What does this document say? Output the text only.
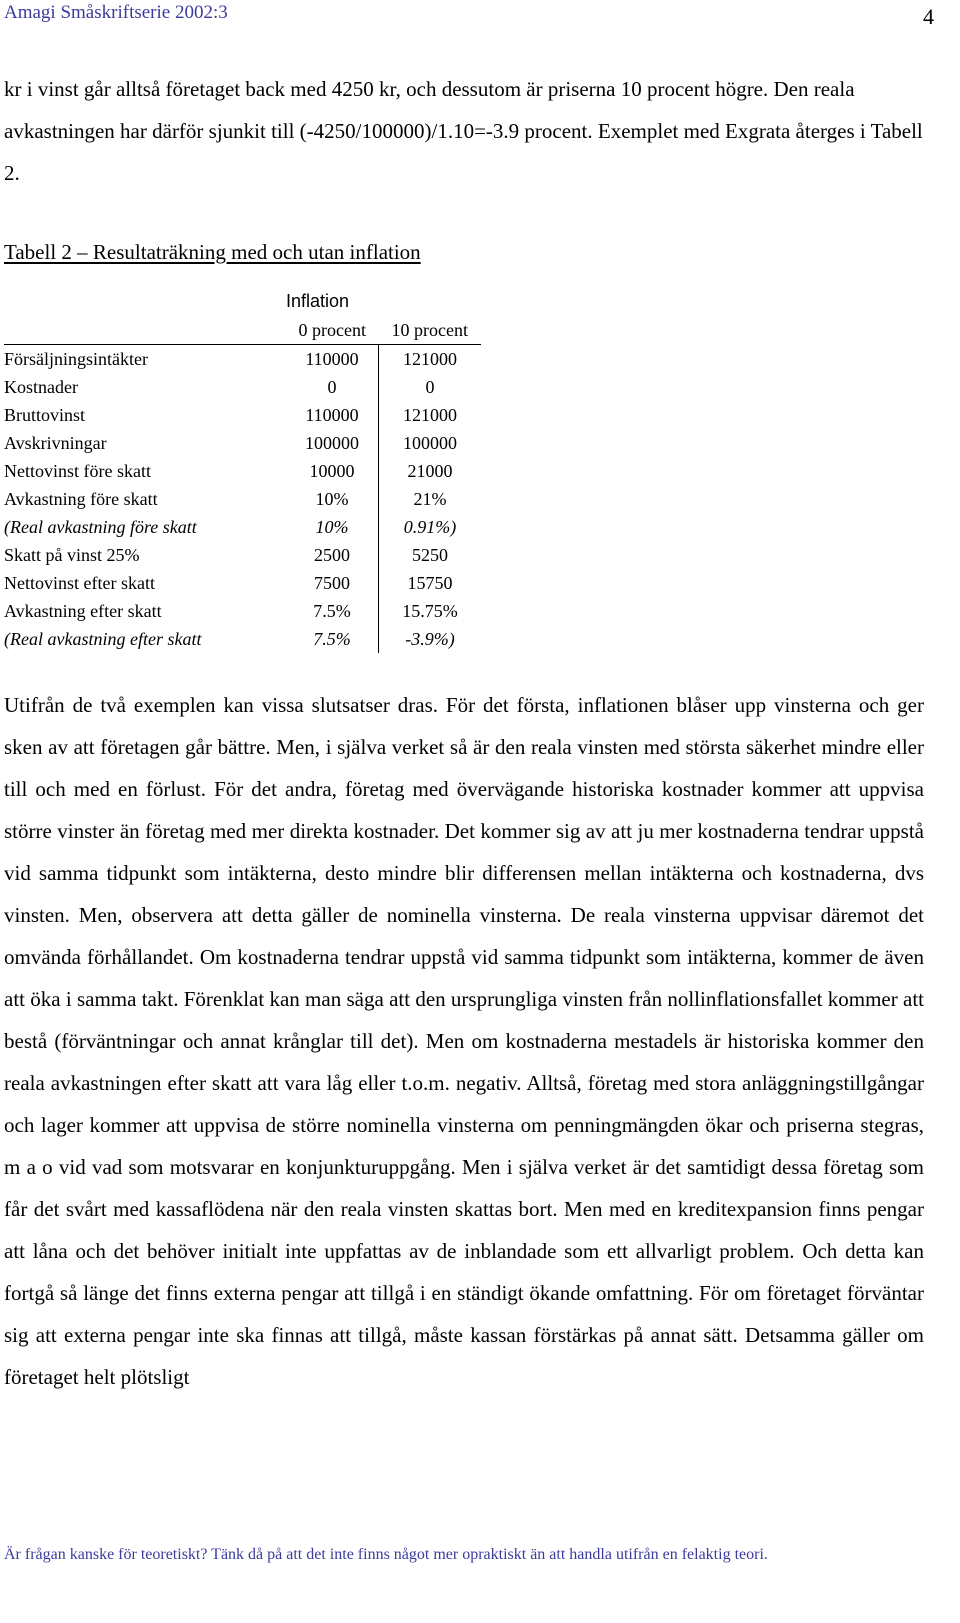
Amagi Småskriftserie 2002:3	4

kr i vinst går alltså företaget back med 4250 kr, och dessutom är priserna 10 procent högre. Den reala avkastningen har därför sjunkit till (-4250/100000)/1.10=-3.9 procent. Exemplet med Exgrata återges i Tabell 2.

Tabell 2 – Resultaträkning med och utan inflation

	Inflation	
	0 procent	10 procent
Försäljningsintäkter	110000	121000
Kostnader	0	0
Bruttovinst	110000	121000
Avskrivningar	100000	100000
Nettovinst före skatt	10000	21000
Avkastning före skatt	10%	21%
(Real avkastning före skatt	10%	0.91%)
Skatt på vinst 25%	2500	5250
Nettovinst efter skatt	7500	15750
Avkastning efter skatt	7.5%	15.75%
(Real avkastning efter skatt	7.5%	-3.9%)

Utifrån de två exemplen kan vissa slutsatser dras. För det första, inflationen blåser upp vinsterna och ger sken av att företagen går bättre. Men, i själva verket så är den reala vinsten med största säkerhet mindre eller till och med en förlust. För det andra, företag med övervägande historiska kostnader kommer att uppvisa större vinster än företag med mer direkta kostnader. Det kommer sig av att ju mer kostnaderna tendrar uppstå vid samma tidpunkt som intäkterna, desto mindre blir differensen mellan intäkterna och kostnaderna, dvs vinsten. Men, observera att detta gäller de nominella vinsterna. De reala vinsterna uppvisar däremot det omvända förhållandet. Om kostnaderna tendrar uppstå vid samma tidpunkt som intäkterna, kommer de även att öka i samma takt. Förenklat kan man säga att den ursprungliga vinsten från nollinflationsfallet kommer att bestå (förväntningar och annat krånglar till det). Men om kostnaderna mestadels är historiska kommer den reala avkastningen efter skatt att vara låg eller t.o.m. negativ. Alltså, företag med stora anläggningstillgångar och lager kommer att uppvisa de större nominella vinsterna om penningmängden ökar och priserna stegras, m a o vid vad som motsvarar en konjunkturuppgång. Men i själva verket är det samtidigt dessa företag som får det svårt med kassaflödena när den reala vinsten skattas bort. Men med en kreditexpansion finns pengar att låna och det behöver initialt inte uppfattas av de inblandade som ett allvarligt problem. Och detta kan fortgå så länge det finns externa pengar att tillgå i en ständigt ökande omfattning. För om företaget förväntar sig att externa pengar inte ska finnas att tillgå, måste kassan förstärkas på annat sätt. Detsamma gäller om företaget helt plötsligt

Är frågan kanske för teoretiskt? Tänk då på att det inte finns något mer opraktiskt än att handla utifrån en felaktig teori.
